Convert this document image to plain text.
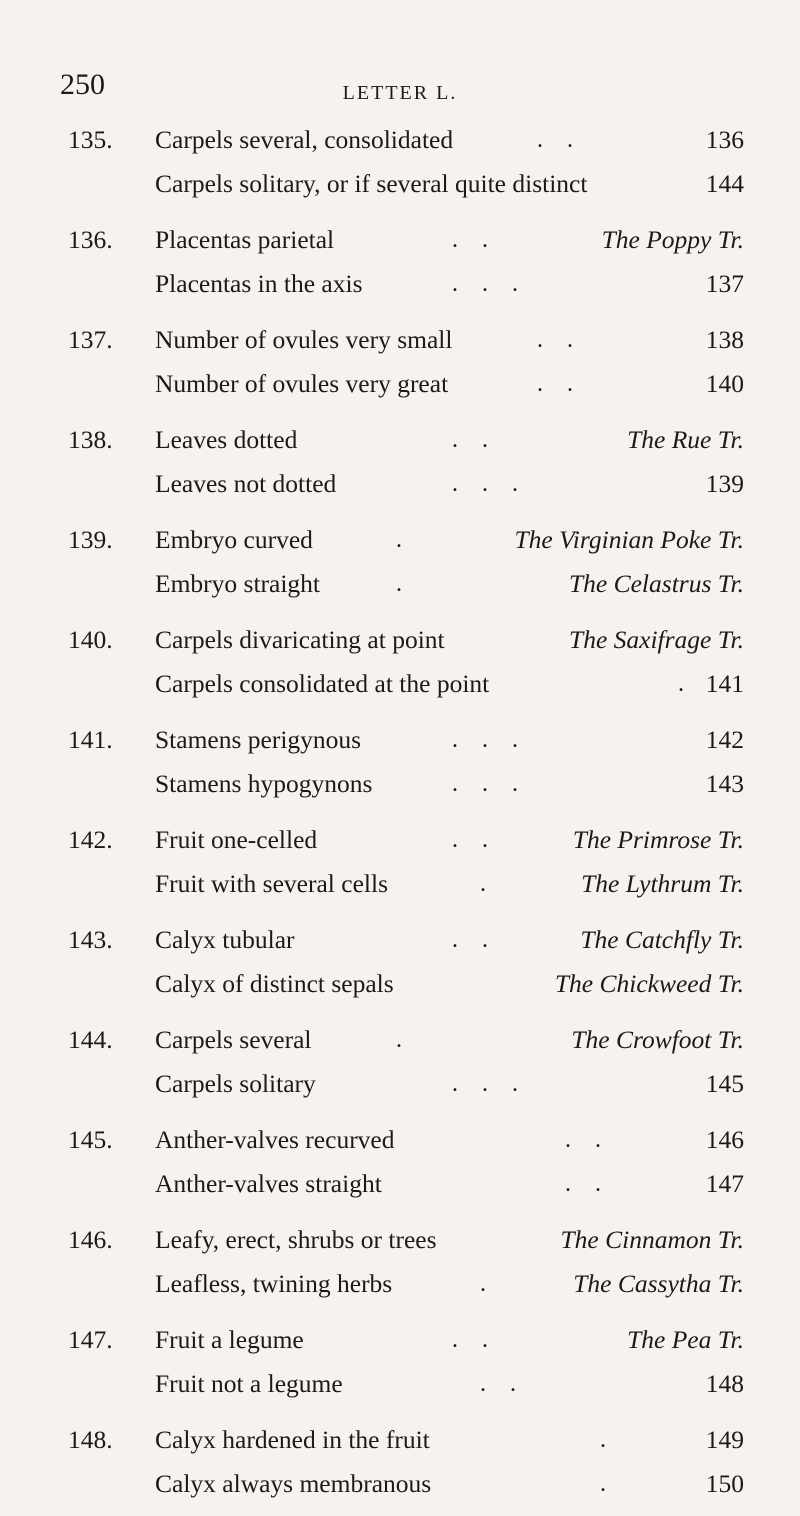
250	LETTER L.
135. Carpels several, consolidated	.    .	136
Carpels solitary, or if several quite distinct	144
136. Placentas parietal	.    .	The Poppy Tr.
Placentas in the axis	.    .    .	137
137. Number of ovules very small	.    .	138
Number of ovules very great	.    .	140
138. Leaves dotted	.    .	The Rue Tr.
Leaves not dotted	.    .    .	139
139. Embryo curved	.	The Virginian Poke Tr.
Embryo straight	.	The Celastrus Tr.
140. Carpels divaricating at point	The Saxifrage Tr.
Carpels consolidated at the point	. 141
141. Stamens perigynous	.    .    .	142
Stamens hypogynons	.    .    .	143
142. Fruit one-celled	.    .	The Primrose Tr.
Fruit with several cells	.	The Lythrum Tr.
143. Calyx tubular	.    .	The Catchfly Tr.
Calyx of distinct sepals	The Chickweed Tr.
144. Carpels several	.	The Crowfoot Tr.
Carpels solitary	.    .    .	145
145. Anther-valves recurved	.    .	146
Anther-valves straight	.    .	147
146. Leafy, erect, shrubs or trees	The Cinnamon Tr.
Leafless, twining herbs	.	The Cassytha Tr.
147. Fruit a legume	.    .	The Pea Tr.
Fruit not a legume	.    .	148
148. Calyx hardened in the fruit	.	149
Calyx always membranous	.	150
